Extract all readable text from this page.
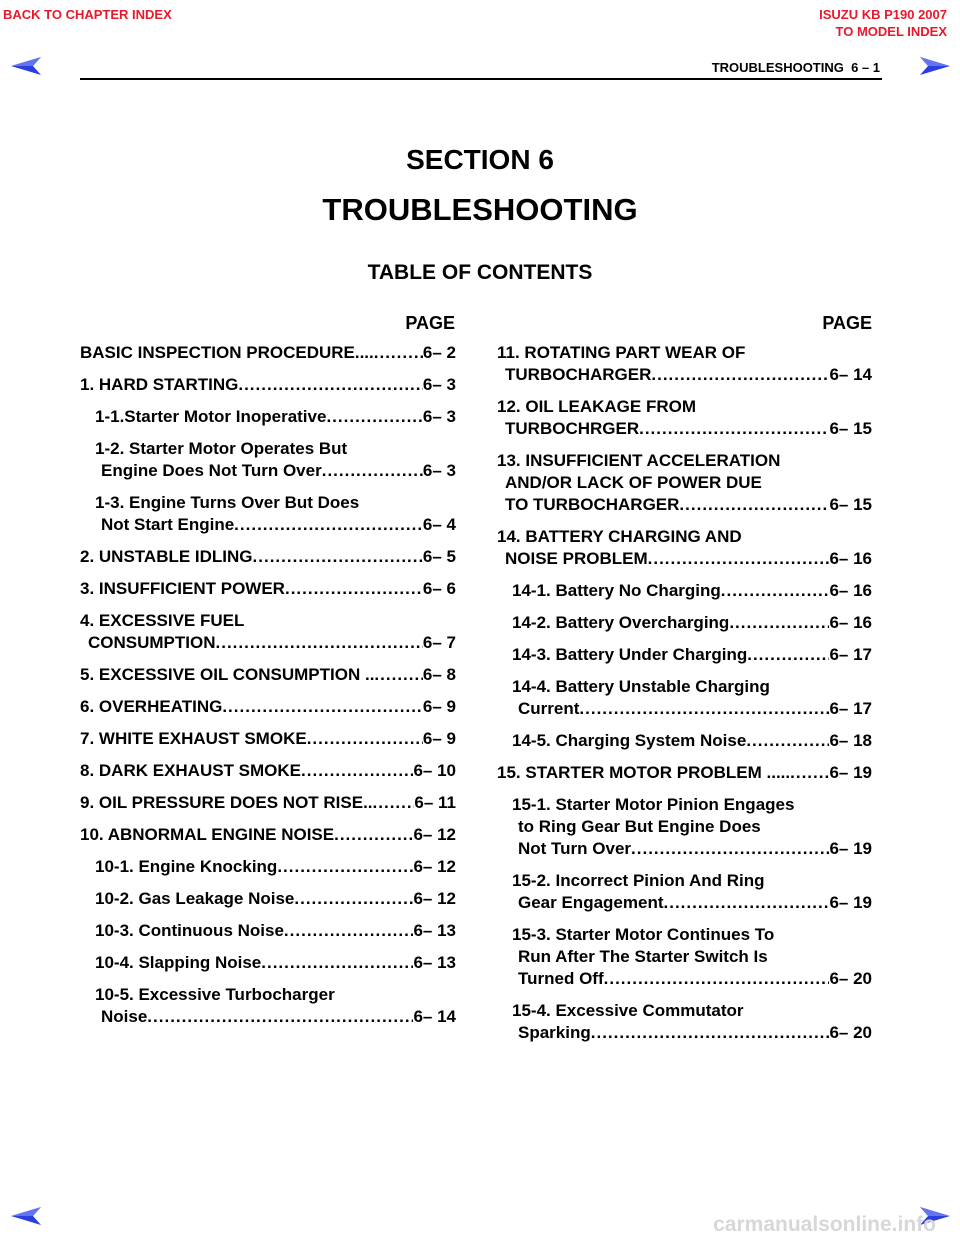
BACK TO CHAPTER INDEX	ISUZU KB P190 2007
TO MODEL INDEX
TROUBLESHOOTING  6 – 1
SECTION 6
TROUBLESHOOTING
TABLE OF CONTENTS
PAGE	PAGE
BASIC INSPECTION PROCEDURE.... .....	6– 2
1. HARD STARTING .....	6– 3
1-1.Starter Motor Inoperative .....	6– 3
1-2. Starter Motor Operates But
Engine Does Not Turn Over .....	6– 3
1-3. Engine Turns Over But Does
Not Start Engine .....	6– 4
2. UNSTABLE IDLING .....	6– 5
3. INSUFFICIENT POWER .....	6– 6
4. EXCESSIVE FUEL
CONSUMPTION .....	6– 7
5. EXCESSIVE OIL CONSUMPTION .. .....	6– 8
6. OVERHEATING .....	6– 9
7. WHITE EXHAUST SMOKE .....	6– 9
8. DARK EXHAUST SMOKE .....	6– 10
9. OIL PRESSURE DOES NOT RISE.. ..... 6– 11
10. ABNORMAL ENGINE NOISE .....	6– 12
10-1. Engine Knocking .....	6– 12
10-2. Gas Leakage Noise .....	6– 12
10-3. Continuous Noise .....	6– 13
10-4. Slapping Noise .....	6– 13
10-5. Excessive Turbocharger
Noise .....	6– 14
11. ROTATING PART WEAR OF
TURBOCHARGER .....	6– 14
12. OIL LEAKAGE FROM
TURBOCHRGER .....	6– 15
13. INSUFFICIENT ACCELERATION
AND/OR LACK OF POWER DUE
TO TURBOCHARGER .....	6– 15
14. BATTERY CHARGING AND
NOISE PROBLEM .....	6– 16
14-1. Battery No Charging .....	6– 16
14-2. Battery Overcharging .....	6– 16
14-3. Battery Under Charging .....	6– 17
14-4. Battery Unstable Charging
Current .....	6– 17
14-5. Charging System Noise .....	6– 18
15. STARTER MOTOR PROBLEM ..... ..... 6– 19
15-1. Starter Motor Pinion Engages
to Ring Gear But Engine Does
Not Turn Over .....	6– 19
15-2. Incorrect Pinion And Ring
Gear Engagement .....	6– 19
15-3. Starter Motor Continues To
Run After The Starter Switch Is
Turned Off .....	6– 20
15-4. Excessive Commutator
Sparking .....	6– 20
carmanualsonline.info
